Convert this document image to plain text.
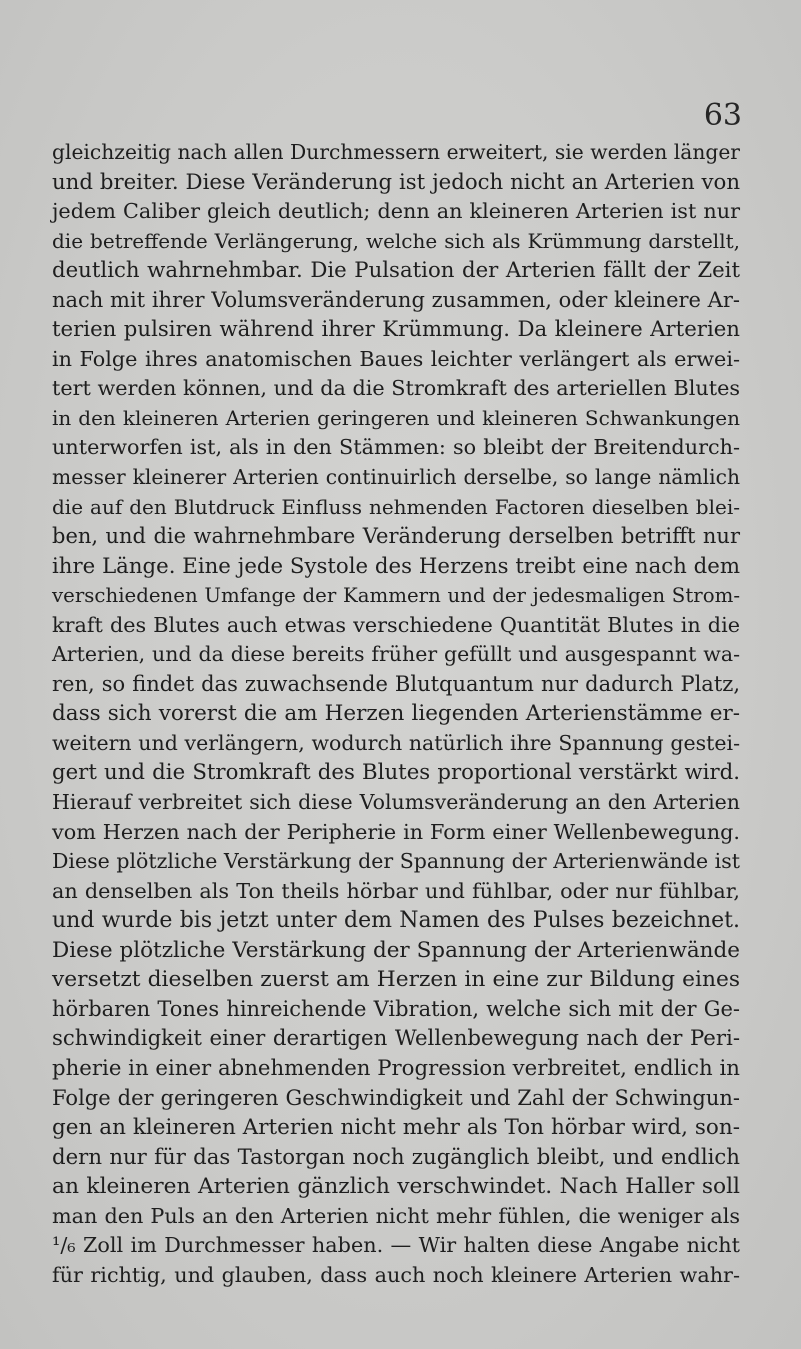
63
gleichzeitig nach allen Durchmessern erweitert, sie werden länger
und breiter. Diese Veränderung ist jedoch nicht an Arterien von
jedem Caliber gleich deutlich; denn an kleineren Arterien ist nur
die betreffende Verlängerung, welche sich als Krümmung darstellt,
deutlich wahrnehmbar. Die Pulsation der Arterien fällt der Zeit
nach mit ihrer Volumsveränderung zusammen, oder kleinere Ar-
terien pulsiren während ihrer Krümmung. Da kleinere Arterien
in Folge ihres anatomischen Baues leichter verlängert als erwei-
tert werden können, und da die Stromkraft des arteriellen Blutes
in den kleineren Arterien geringeren und kleineren Schwankungen
unterworfen ist, als in den Stämmen: so bleibt der Breitendurch-
messer kleinerer Arterien continuirlich derselbe, so lange nämlich
die auf den Blutdruck Einfluss nehmenden Factoren dieselben blei-
ben, und die wahrnehmbare Veränderung derselben betrifft nur
ihre Länge. Eine jede Systole des Herzens treibt eine nach dem
verschiedenen Umfange der Kammern und der jedesmaligen Strom-
kraft des Blutes auch etwas verschiedene Quantität Blutes in die
Arterien, und da diese bereits früher gefüllt und ausgespannt wa-
ren, so findet das zuwachsende Blutquantum nur dadurch Platz,
dass sich vorerst die am Herzen liegenden Arterienstämme er-
weitern und verlängern, wodurch natürlich ihre Spannung gestei-
gert und die Stromkraft des Blutes proportional verstärkt wird.
Hierauf verbreitet sich diese Volumsveränderung an den Arterien
vom Herzen nach der Peripherie in Form einer Wellenbewegung.
Diese plötzliche Verstärkung der Spannung der Arterienwände ist
an denselben als Ton theils hörbar und fühlbar, oder nur fühlbar,
und wurde bis jetzt unter dem Namen des Pulses bezeichnet.
Diese plötzliche Verstärkung der Spannung der Arterienwände
versetzt dieselben zuerst am Herzen in eine zur Bildung eines
hörbaren Tones hinreichende Vibration, welche sich mit der Ge-
schwindigkeit einer derartigen Wellenbewegung nach der Peri-
pherie in einer abnehmenden Progression verbreitet, endlich in
Folge der geringeren Geschwindigkeit und Zahl der Schwingun-
gen an kleineren Arterien nicht mehr als Ton hörbar wird, son-
dern nur für das Tastorgan noch zugänglich bleibt, und endlich
an kleineren Arterien gänzlich verschwindet. Nach Haller soll
man den Puls an den Arterien nicht mehr fühlen, die weniger als
¹/₆ Zoll im Durchmesser haben. — Wir halten diese Angabe nicht
für richtig, und glauben, dass auch noch kleinere Arterien wahr-
